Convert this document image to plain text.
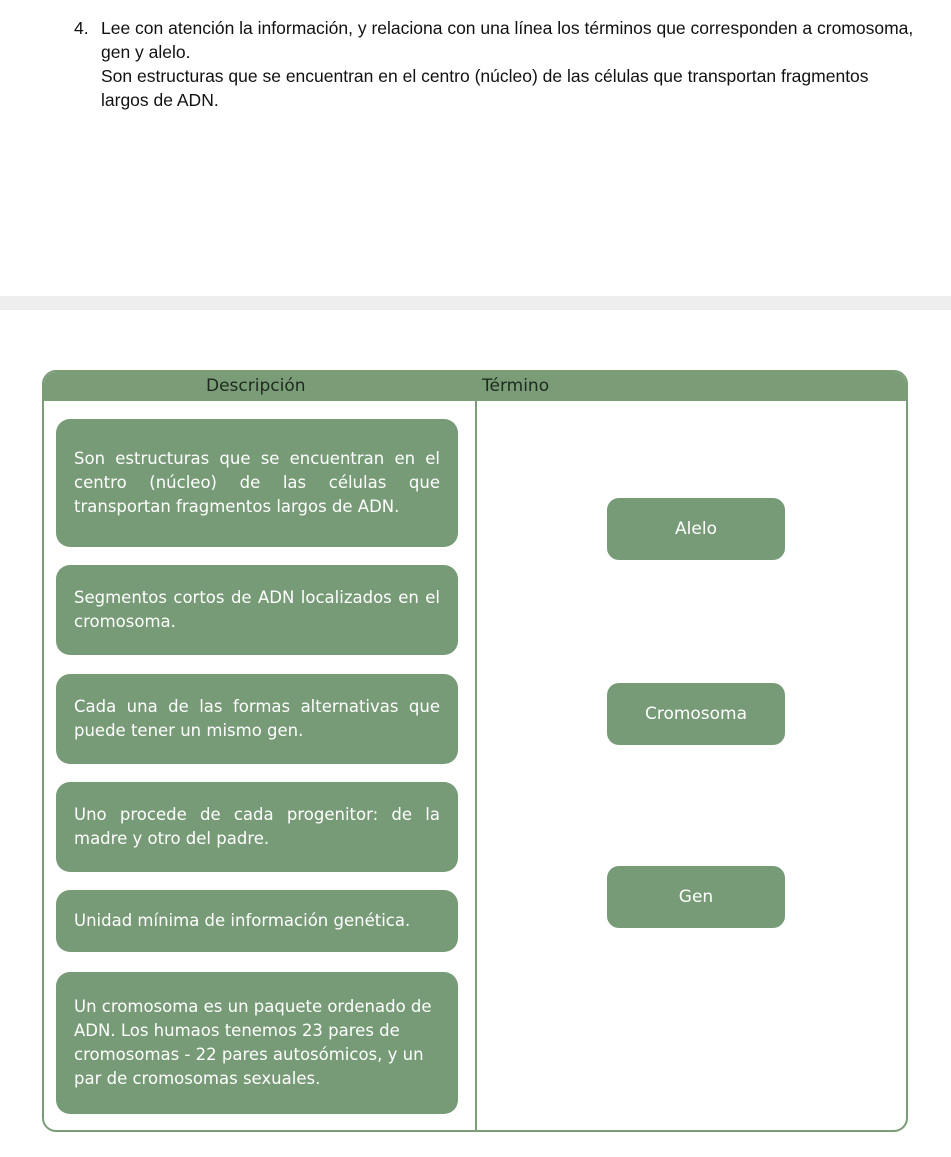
4. Lee con atención la información, y relaciona con una línea los términos que corresponden a cromosoma, gen y alelo.

Son estructuras que se encuentran en el centro (núcleo) de las células que transportan fragmentos largos de ADN.

Descripción	Término
Son estructuras que se encuentran en el centro (núcleo) de las células que transportan fragmentos largos de ADN.
Segmentos cortos de ADN localizados en el cromosoma.
Cada una de las formas alternativas que puede tener un mismo gen.
Uno procede de cada progenitor: de la madre y otro del padre.
Unidad mínima de información genética.
Un cromosoma es un paquete ordenado de ADN. Los humaos tenemos 23 pares de cromosomas - 22 pares autosómicos, y un par de cromosomas sexuales.
Alelo
Cromosoma
Gen
